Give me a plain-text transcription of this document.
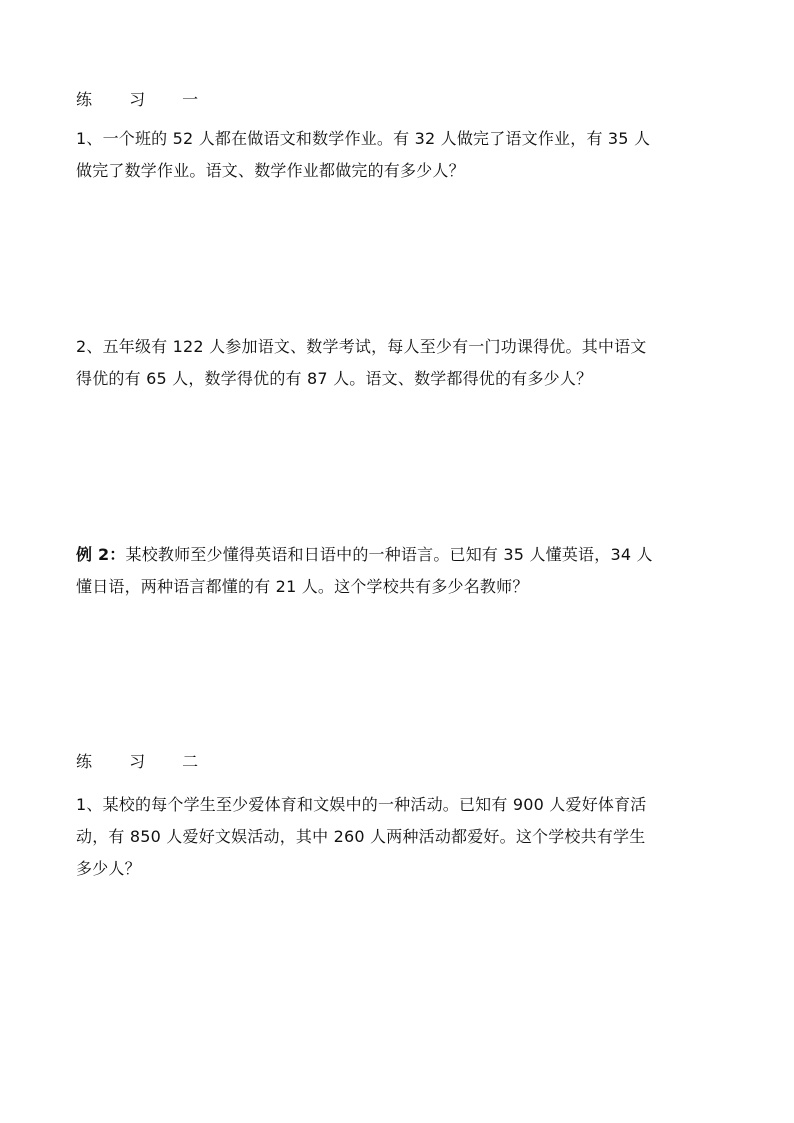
练 习 一
1、一个班的 52 人都在做语文和数学作业。有 32 人做完了语文作业，有 35 人
做完了数学作业。语文、数学作业都做完的有多少人？
2、五年级有 122 人参加语文、数学考试，每人至少有一门功课得优。其中语文
得优的有 65 人，数学得优的有 87 人。语文、数学都得优的有多少人？
例 2：某校教师至少懂得英语和日语中的一种语言。已知有 35 人懂英语，34 人
懂日语，两种语言都懂的有 21 人。这个学校共有多少名教师？
练 习 二
1、某校的每个学生至少爱体育和文娱中的一种活动。已知有 900 人爱好体育活
动，有 850 人爱好文娱活动，其中 260 人两种活动都爱好。这个学校共有学生
多少人？
